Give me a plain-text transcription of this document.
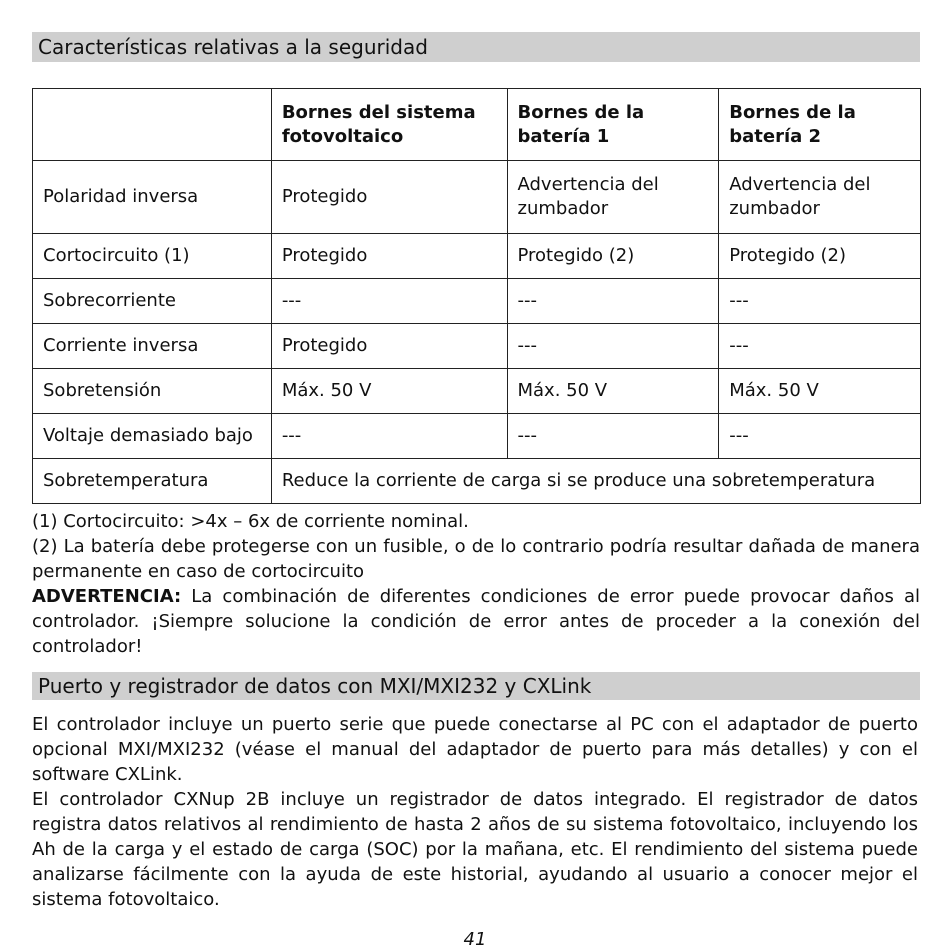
Características relativas a la seguridad
	Bornes del sistema fotovoltaico	Bornes de la batería 1	Bornes de la batería 2
Polaridad inversa	Protegido	Advertencia del zumbador	Advertencia del zumbador
Cortocircuito (1)	Protegido	Protegido (2)	Protegido (2)
Sobrecorriente	---	---	---
Corriente inversa	Protegido	---	---
Sobretensión	Máx. 50 V	Máx. 50 V	Máx. 50 V
Voltaje demasiado bajo	---	---	---
Sobretemperatura	Reduce la corriente de carga si se produce una sobretemperatura		

(1) Cortocircuito: >4x – 6x de corriente nominal.

(2) La batería debe protegerse con un fusible, o de lo contrario podría resultar dañada de manera permanente en caso de cortocircuito

ADVERTENCIA: La combinación de diferentes condiciones de error puede provocar daños al controlador. ¡Siempre solucione la condición de error antes de proceder a la conexión del controlador!

Puerto y registrador de datos con MXI/MXI232 y CXLink

El controlador incluye un puerto serie que puede conectarse al PC con el adaptador de puerto opcional MXI/MXI232 (véase el manual del adaptador de puerto para más detalles) y con el software CXLink.

El controlador CXNup 2B incluye un registrador de datos integrado. El registrador de datos registra datos relativos al rendimiento de hasta 2 años de su sistema fotovoltaico, incluyendo los Ah de la carga y el estado de carga (SOC) por la mañana, etc. El rendimiento del sistema puede analizarse fácilmente con la ayuda de este historial, ayudando al usuario a conocer mejor el sistema fotovoltaico.

41
